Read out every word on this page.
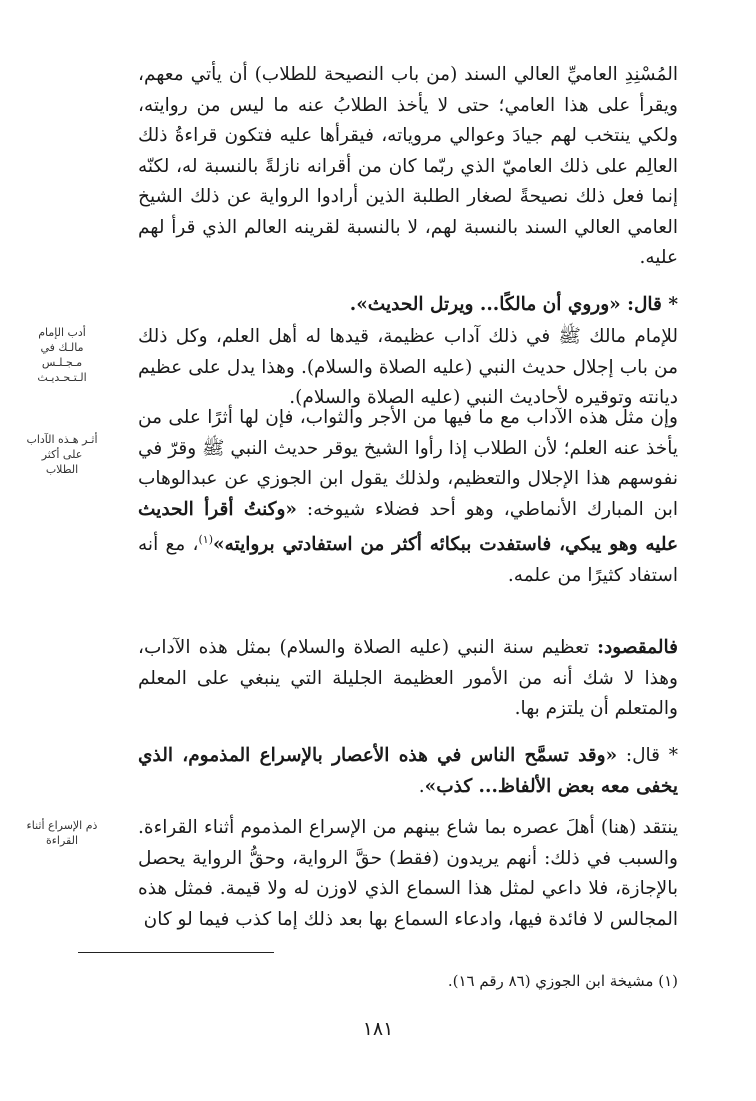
المُسْنِدِ العاميِّ العالي السند (من باب النصيحة للطلاب) أن يأتي معهم، ويقرأ على هذا العامي؛ حتى لا يأخذ الطلابُ عنه ما ليس من روايته، ولكي ينتخب لهم جيادَ وعوالي مروياته، فيقرأها عليه فتكون قراءةُ ذلك العالِم على ذلك العاميّ الذي ربّما كان من أقرانه نازلةً بالنسبة له، لكنّه إنما فعل ذلك نصيحةً لصغار الطلبة الذين أرادوا الرواية عن ذلك الشيخ العامي العالي السند بالنسبة لهم، لا بالنسبة لقرينه العالم الذي قرأ لهم عليه.

* قال: «وروي أن مالكًا... ويرتل الحديث».

للإمام مالك ﷺ في ذلك آداب عظيمة، قيدها له أهل العلم، وكل ذلك من باب إجلال حديث النبي (عليه الصلاة والسلام). وهذا يدل على عظيم ديانته وتوقيره لأحاديث النبي (عليه الصلاة والسلام).

وإن مثل هذه الآداب مع ما فيها من الأجر والثواب، فإن لها أثرًا على من يأخذ عنه العلم؛ لأن الطلاب إذا رأوا الشيخ يوقر حديث النبي ﷺ وقرّ في نفوسهم هذا الإجلال والتعظيم، ولذلك يقول ابن الجوزي عن عبدالوهاب ابن المبارك الأنماطي، وهو أحد فضلاء شيوخه: «وكنتُ أقرأ الحديث عليه وهو يبكي، فاستفدت ببكائه أكثر من استفادتي بروايته»$^{(١)}$، مع أنه استفاد كثيرًا من علمه.

فالمقصود: تعظيم سنة النبي (عليه الصلاة والسلام) بمثل هذه الآداب، وهذا لا شك أنه من الأمور العظيمة الجليلة التي ينبغي على المعلم والمتعلم أن يلتزم بها.

* قال: «وقد تسمَّح الناس في هذه الأعصار بالإسراع المذموم، الذي يخفى معه بعض الألفاظ... كذب».

ينتقد (هنا) أهلَ عصره بما شاع بينهم من الإسراع المذموم أثناء القراءة. والسبب في ذلك: أنهم يريدون (فقط) حقَّ الرواية، وحقُّ الرواية يحصل بالإجازة، فلا داعي لمثل هذا السماع الذي لاوزن له ولا قيمة. فمثل هذه المجالس لا فائدة فيها، وادعاء السماع بها بعد ذلك إما كذب فيما لو كان

أدب الإمام مالـك في مـجـلـس الـتـحـديـث
أثـر هـذه الآداب على أكثر الطلاب
ذم الإسراع أثناء القراءة
(١) مشيخة ابن الجوزي (٨٦ رقم ١٦).
١٨١
